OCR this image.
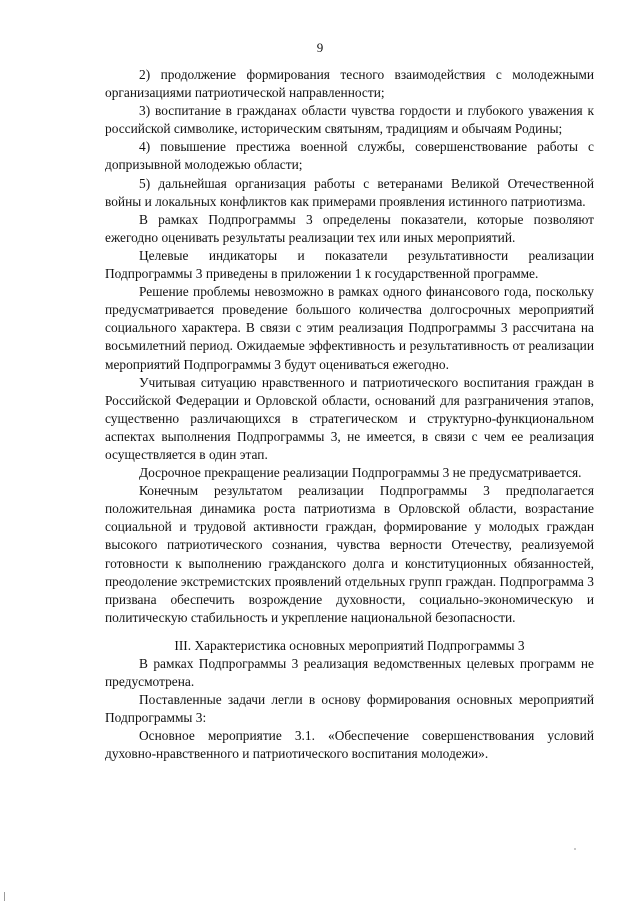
9

2) продолжение формирования тесного взаимодействия с молодежными организациями патриотической направленности;

3) воспитание в гражданах области чувства гордости и глубокого уважения к российской символике, историческим святыням, традициям и обычаям Родины;

4) повышение престижа военной службы, совершенствование работы с допризывной молодежью области;

5) дальнейшая организация работы с ветеранами Великой Отечественной войны и локальных конфликтов как примерами проявления истинного патриотизма.

В рамках Подпрограммы 3 определены показатели, которые позволяют ежегодно оценивать результаты реализации тех или иных мероприятий.

Целевые индикаторы и показатели результативности реализации Подпрограммы 3 приведены в приложении 1 к государственной программе.

Решение проблемы невозможно в рамках одного финансового года, поскольку предусматривается проведение большого количества долгосрочных мероприятий социального характера. В связи с этим реализация Подпрограммы 3 рассчитана на восьмилетний период. Ожидаемые эффективность и результативность от реализации мероприятий Подпрограммы 3 будут оцениваться ежегодно.

Учитывая ситуацию нравственного и патриотического воспитания граждан в Российской Федерации и Орловской области, оснований для разграничения этапов, существенно различающихся в стратегическом и структурно-функциональном аспектах выполнения Подпрограммы 3, не имеется, в связи с чем ее реализация осуществляется в один этап.

Досрочное прекращение реализации Подпрограммы 3 не предусматривается.

Конечным результатом реализации Подпрограммы 3 предполагается положительная динамика роста патриотизма в Орловской области, возрастание социальной и трудовой активности граждан, формирование у молодых граждан высокого патриотического сознания, чувства верности Отечеству, реализуемой готовности к выполнению гражданского долга и конституционных обязанностей, преодоление экстремистских проявлений отдельных групп граждан. Подпрограмма 3 призвана обеспечить возрождение духовности, социально-экономическую и политическую стабильность и укрепление национальной безопасности.

III. Характеристика основных мероприятий Подпрограммы 3

В рамках Подпрограммы 3 реализация ведомственных целевых программ не предусмотрена.

Поставленные задачи легли в основу формирования основных мероприятий Подпрограммы 3:

Основное мероприятие 3.1. «Обеспечение совершенствования условий духовно-нравственного и патриотического воспитания молодежи».
